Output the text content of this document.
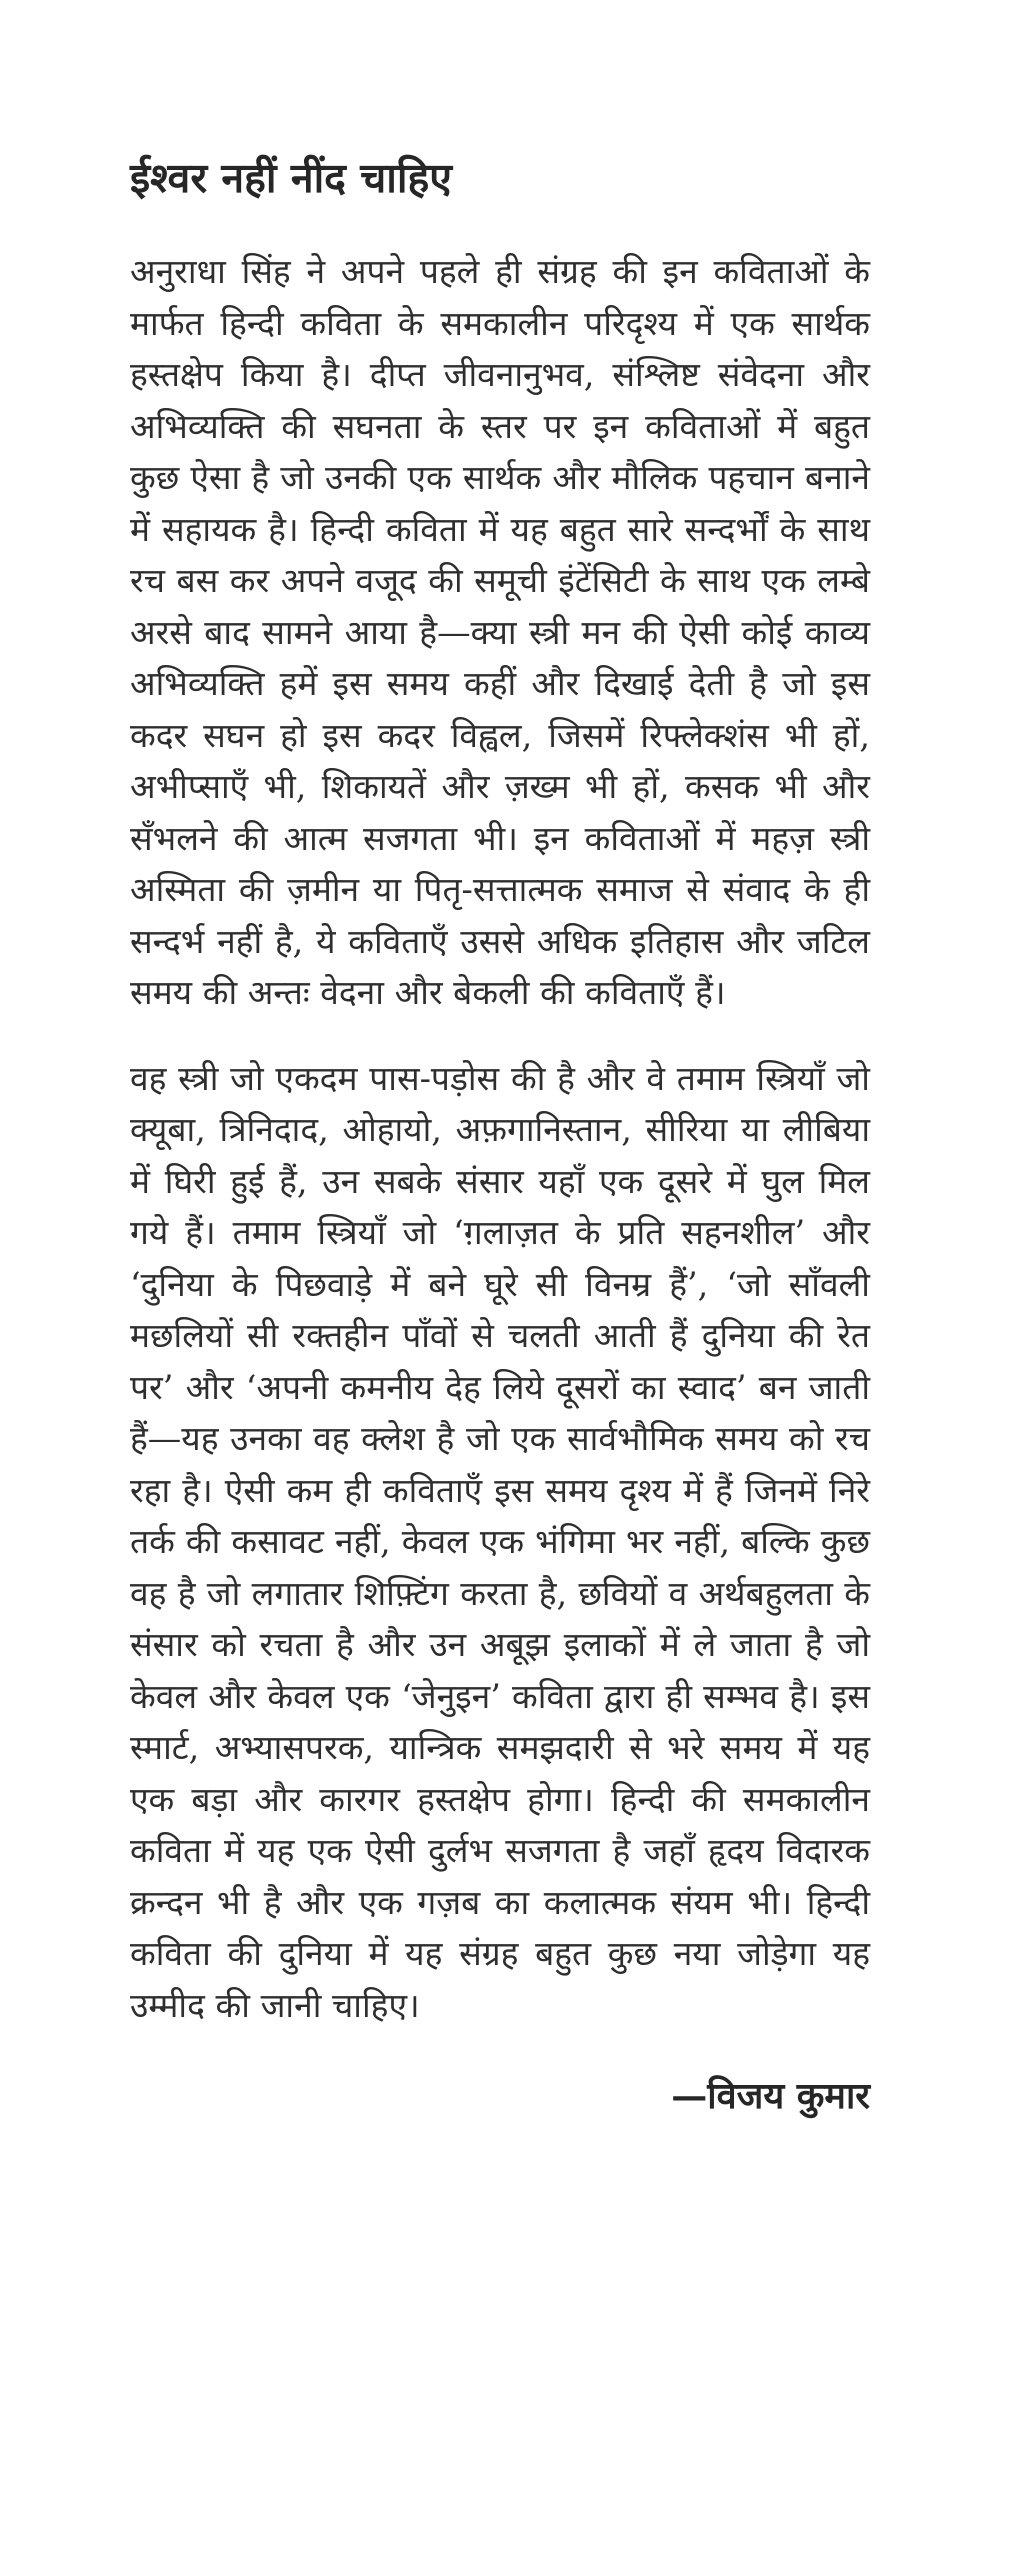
ईश्वर नहीं नींद चाहिए

अनुराधा सिंह ने अपने पहले ही संग्रह की इन कविताओं के मार्फत हिन्दी कविता के समकालीन परिदृश्य में एक सार्थक हस्तक्षेप किया है। दीप्त जीवनानुभव, संश्लिष्ट संवेदना और अभिव्यक्ति की सघनता के स्तर पर इन कविताओं में बहुत कुछ ऐसा है जो उनकी एक सार्थक और मौलिक पहचान बनाने में सहायक है। हिन्दी कविता में यह बहुत सारे सन्दर्भों के साथ रच बस कर अपने वजूद की समूची इंटेंसिटी के साथ एक लम्बे अरसे बाद सामने आया है—क्या स्त्री मन की ऐसी कोई काव्य अभिव्यक्ति हमें इस समय कहीं और दिखाई देती है जो इस कदर सघन हो इस कदर विह्वल, जिसमें रिफ्लेक्शंस भी हों, अभीप्साएँ भी, शिकायतें और ज़ख्म भी हों, कसक भी और सँभलने की आत्म सजगता भी। इन कविताओं में महज़ स्त्री अस्मिता की ज़मीन या पितृ-सत्तात्मक समाज से संवाद के ही सन्दर्भ नहीं है, ये कविताएँ उससे अधिक इतिहास और जटिल समय की अन्तः वेदना और बेकली की कविताएँ हैं।

वह स्त्री जो एकदम पास-पड़ोस की है और वे तमाम स्त्रियाँ जो क्यूबा, त्रिनिदाद, ओहायो, अफ़गानिस्तान, सीरिया या लीबिया में घिरी हुई हैं, उन सबके संसार यहाँ एक दूसरे में घुल मिल गये हैं। तमाम स्त्रियाँ जो ‘ग़लाज़त के प्रति सहनशील’ और ‘दुनिया के पिछवाड़े में बने घूरे सी विनम्र हैं’, ‘जो साँवली मछलियों सी रक्तहीन पाँवों से चलती आती हैं दुनिया की रेत पर’ और ‘अपनी कमनीय देह लिये दूसरों का स्वाद’ बन जाती हैं—यह उनका वह क्लेश है जो एक सार्वभौमिक समय को रच रहा है। ऐसी कम ही कविताएँ इस समय दृश्य में हैं जिनमें निरे तर्क की कसावट नहीं, केवल एक भंगिमा भर नहीं, बल्कि कुछ वह है जो लगातार शिफ़्टिंग करता है, छवियों व अर्थबहुलता के संसार को रचता है और उन अबूझ इलाकों में ले जाता है जो केवल और केवल एक ‘जेनुइन’ कविता द्वारा ही सम्भव है। इस स्मार्ट, अभ्यासपरक, यान्त्रिक समझदारी से भरे समय में यह एक बड़ा और कारगर हस्तक्षेप होगा। हिन्दी की समकालीन कविता में यह एक ऐसी दुर्लभ सजगता है जहाँ हृदय विदारक क्रन्दन भी है और एक गज़ब का कलात्मक संयम भी। हिन्दी कविता की दुनिया में यह संग्रह बहुत कुछ नया जोड़ेगा यह उम्मीद की जानी चाहिए।

—विजय कुमार
